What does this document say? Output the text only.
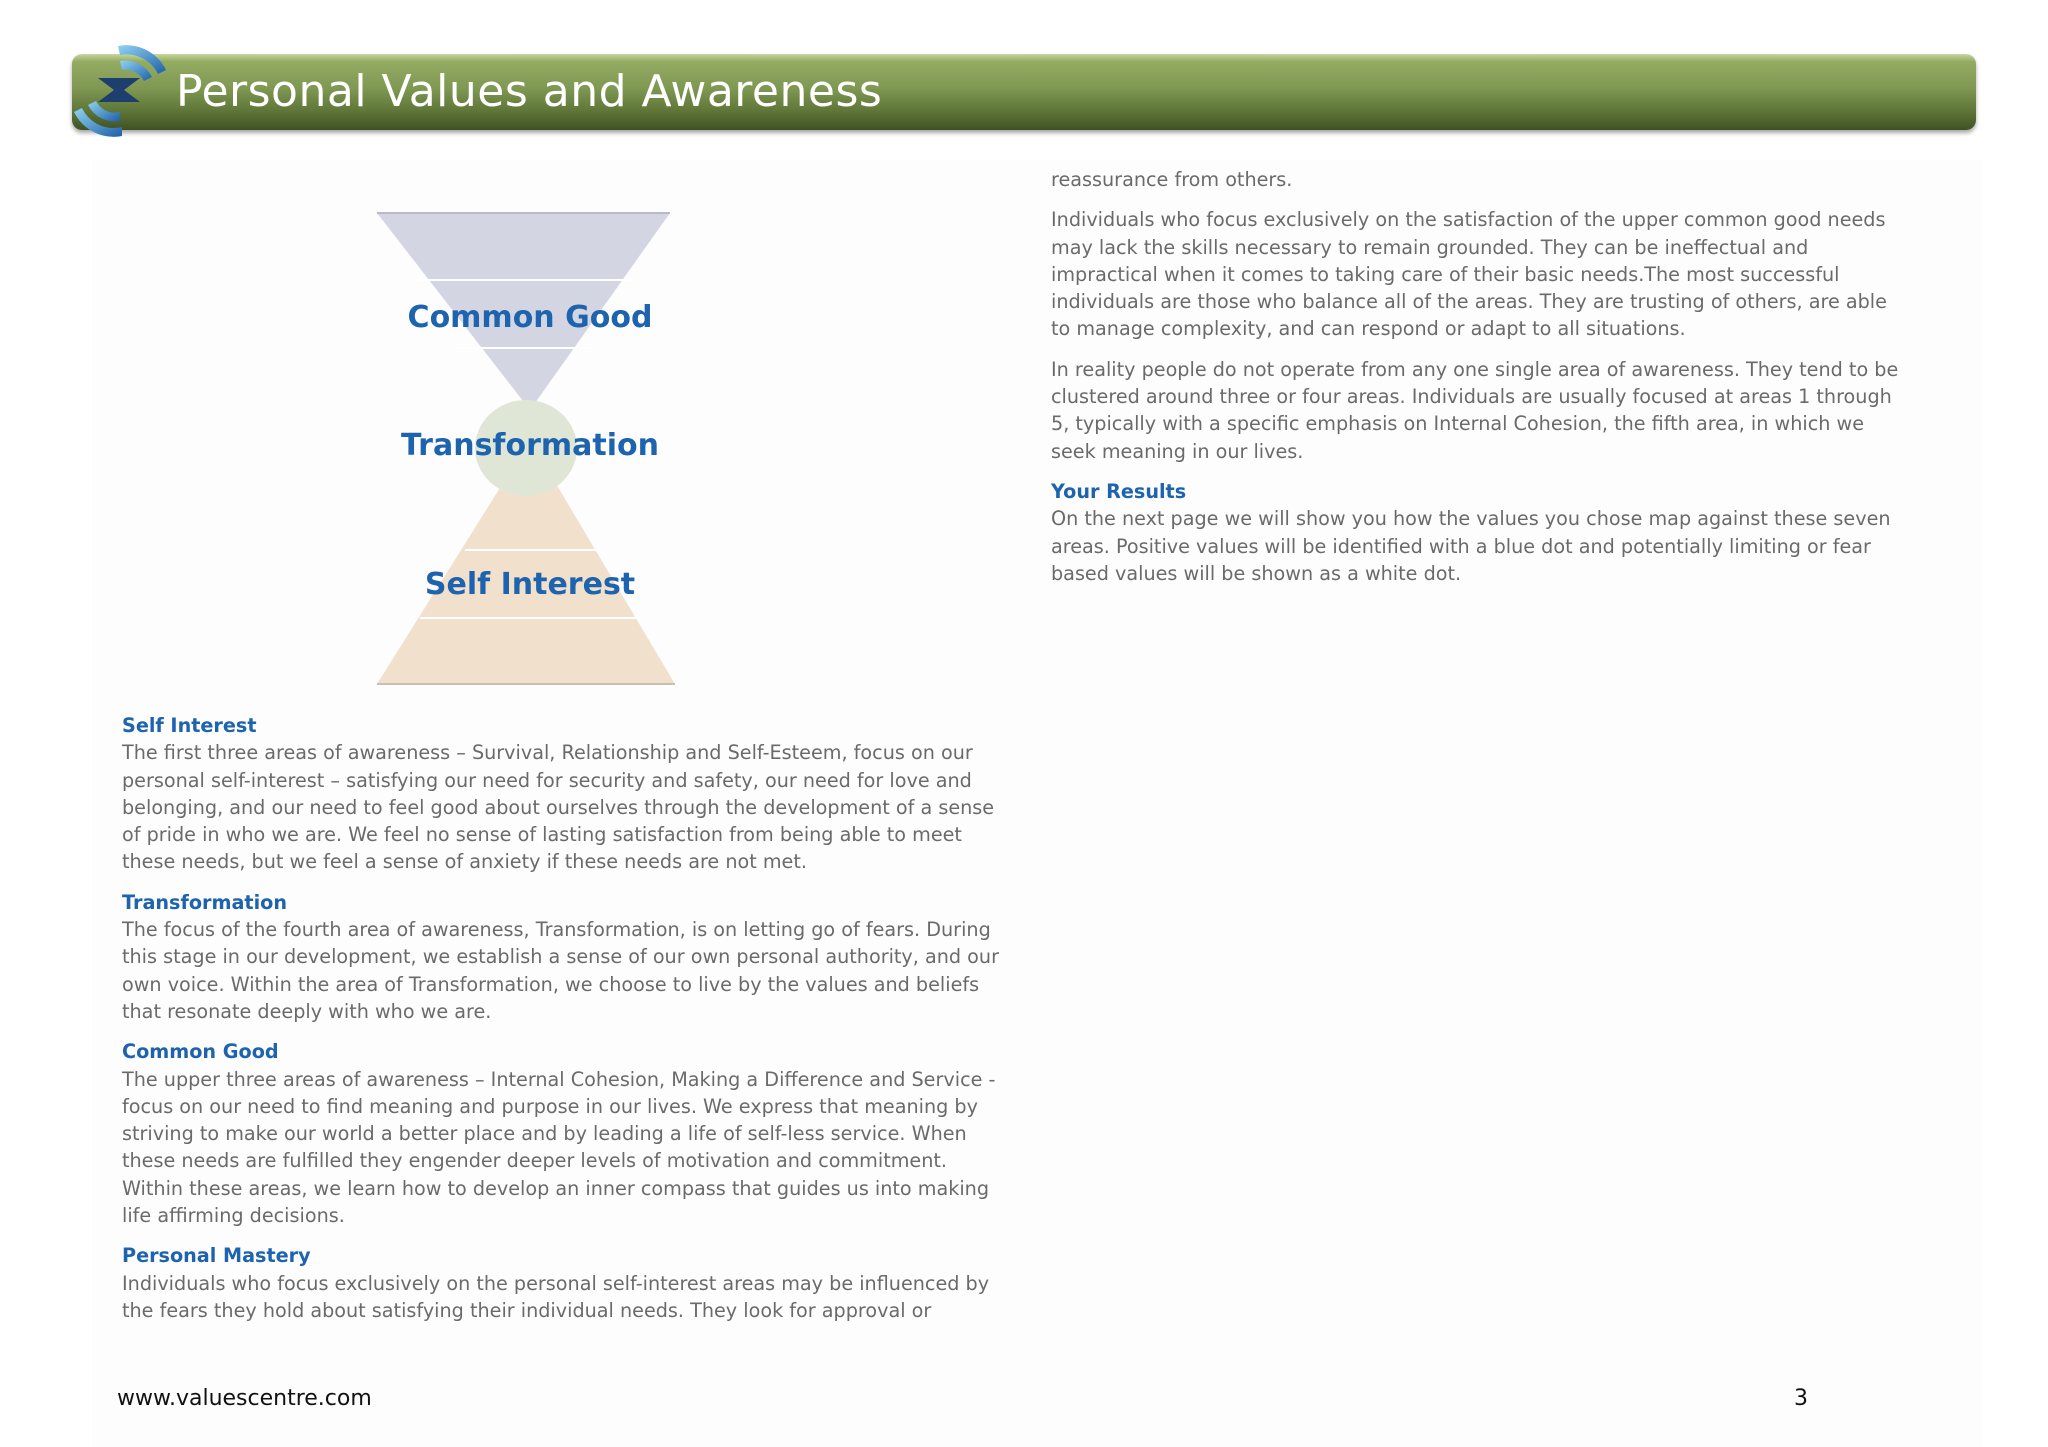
Personal Values and Awareness
Common Good
Transformation
Self Interest
Self Interest
The first three areas of awareness – Survival, Relationship and Self-Esteem, focus on our personal self-interest – satisfying our need for security and safety, our need for love and belonging, and our need to feel good about ourselves through the development of a sense of pride in who we are. We feel no sense of lasting satisfaction from being able to meet these needs, but we feel a sense of anxiety if these needs are not met.
Transformation
The focus of the fourth area of awareness, Transformation, is on letting go of fears. During this stage in our development, we establish a sense of our own personal authority, and our own voice. Within the area of Transformation, we choose to live by the values and beliefs that resonate deeply with who we are.
Common Good
The upper three areas of awareness – Internal Cohesion, Making a Difference and Service - focus on our need to find meaning and purpose in our lives. We express that meaning by striving to make our world a better place and by leading a life of self-less service. When these needs are fulfilled they engender deeper levels of motivation and commitment. Within these areas, we learn how to develop an inner compass that guides us into making life affirming decisions.
Personal Mastery
Individuals who focus exclusively on the personal self-interest areas may be influenced by the fears they hold about satisfying their individual needs. They look for approval or
reassurance from others.
Individuals who focus exclusively on the satisfaction of the upper common good needs may lack the skills necessary to remain grounded. They can be ineffectual and impractical when it comes to taking care of their basic needs.The most successful individuals are those who balance all of the areas. They are trusting of others, are able to manage complexity, and can respond or adapt to all situations.
In reality people do not operate from any one single area of awareness. They tend to be clustered around three or four areas. Individuals are usually focused at areas 1 through 5, typically with a specific emphasis on Internal Cohesion, the fifth area, in which we seek meaning in our lives.
Your Results
On the next page we will show you how the values you chose map against these seven areas. Positive values will be identified with a blue dot and potentially limiting or fear based values will be shown as a white dot.
www.valuescentre.com	3
